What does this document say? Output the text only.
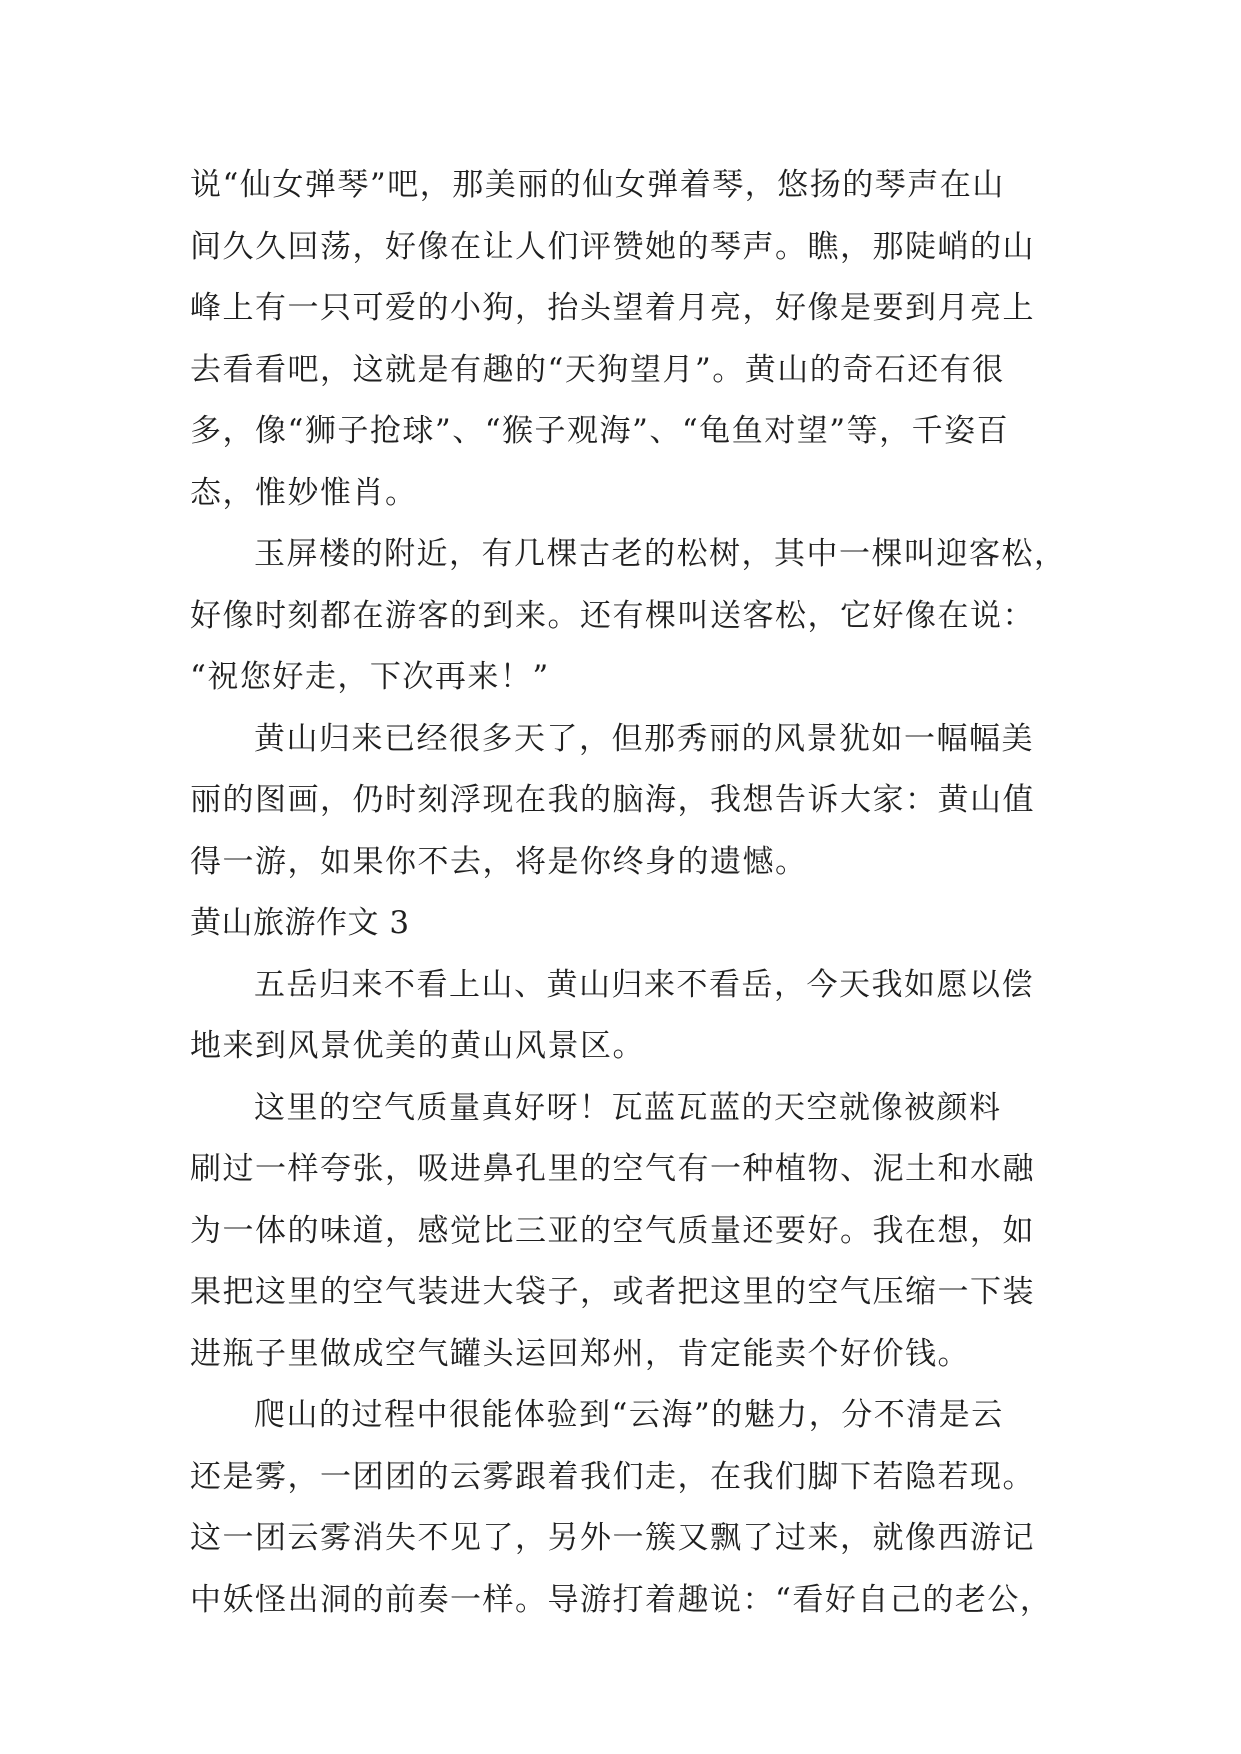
说“仙女弹琴”吧，那美丽的仙女弹着琴，悠扬的琴声在山
间久久回荡，好像在让人们评赞她的琴声。瞧，那陡峭的山
峰上有一只可爱的小狗，抬头望着月亮，好像是要到月亮上
去看看吧，这就是有趣的“天狗望月”。黄山的奇石还有很
多，像“狮子抢球”、“猴子观海”、“龟鱼对望”等，千姿百
态，惟妙惟肖。
玉屏楼的附近，有几棵古老的松树，其中一棵叫迎客松，
好像时刻都在游客的到来。还有棵叫送客松，它好像在说：
“祝您好走，下次再来！”
黄山归来已经很多天了，但那秀丽的风景犹如一幅幅美
丽的图画，仍时刻浮现在我的脑海，我想告诉大家：黄山值
得一游，如果你不去，将是你终身的遗憾。
黄山旅游作文 3
五岳归来不看上山、黄山归来不看岳，今天我如愿以偿
地来到风景优美的黄山风景区。
这里的空气质量真好呀！瓦蓝瓦蓝的天空就像被颜料
刷过一样夸张，吸进鼻孔里的空气有一种植物、泥土和水融
为一体的味道，感觉比三亚的空气质量还要好。我在想，如
果把这里的空气装进大袋子，或者把这里的空气压缩一下装
进瓶子里做成空气罐头运回郑州，肯定能卖个好价钱。
爬山的过程中很能体验到“云海”的魅力，分不清是云
还是雾，一团团的云雾跟着我们走，在我们脚下若隐若现。
这一团云雾消失不见了，另外一簇又飘了过来，就像西游记
中妖怪出洞的前奏一样。导游打着趣说：“看好自己的老公，
